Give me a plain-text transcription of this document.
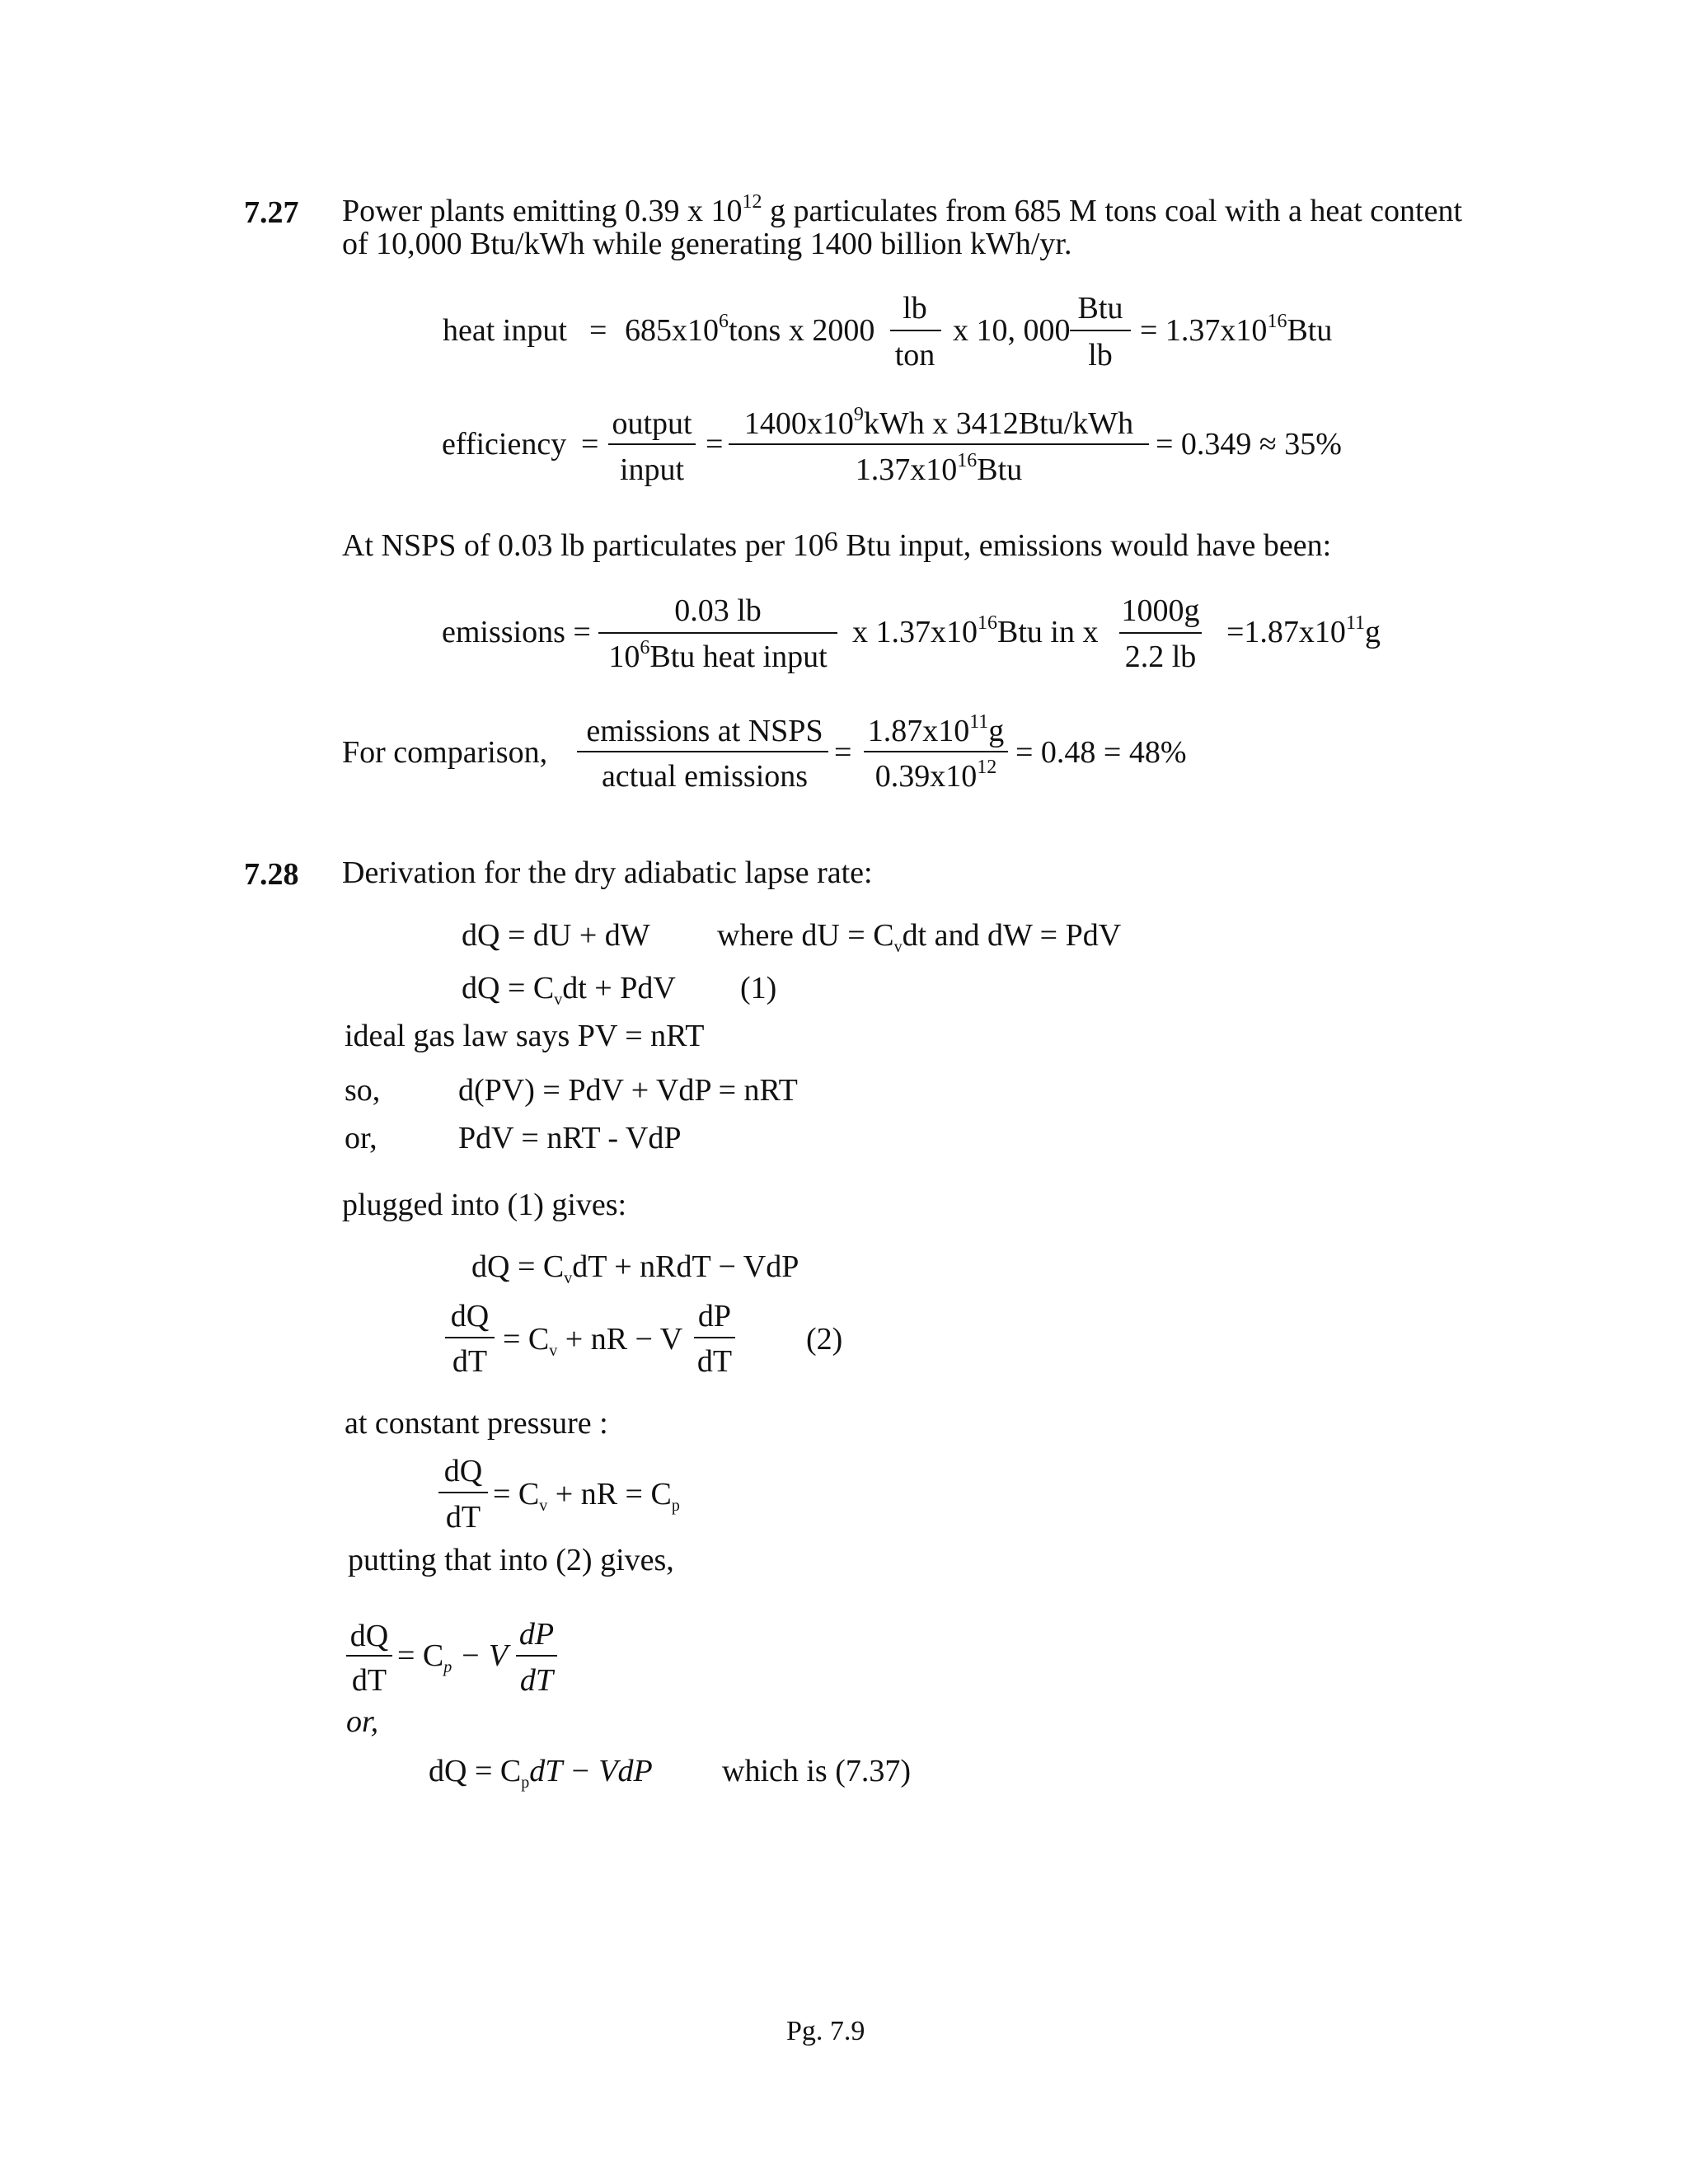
7.27 Power plants emitting 0.39 x $10^{12}$ g particulates from 685 M tons coal with a heat content
of 10,000 Btu/kWh while generating 1400 billion kWh/yr.
heat input = $685x10^6tons$ x 2000
lb
ton
x 10, 000
Btu
lb
= $1.37x10^{16}Btu$
efficiency =
output
input
=
$1400x10^9kWh$ x 3412Btu/kWh
$1.37x10^{16}Btu$
= 0.349 ≈ 35%
At NSPS of 0.03 lb particulates per 106 Btu input, emissions would have been:
emissions =
0.03 lb
$10^6Btu$ heat input
x $1.37x10^{16}Btu$ in x
1000g
2.2 lb
$=1.87x10^{11}g$
For comparison,
emissions at NSPS
actual emissions
=
$1.87x10^{11}g$
$0.39x10^{12} = 0.48 = 48\%$
7.28 Derivation for the dry adiabatic lapse rate:
dQ = dU + dW where dU = $C_vdt$ and dW = PdV
dQ = $C_vdt$ + PdV (1)
ideal gas law says PV = nRT
so, d(PV) = PdV + VdP = nRT
or,	PdV = nRT - VdP
plugged into (1) gives:
dQ = $C_vdT$ + nRdT − VdP
dQ
dT
= $C_v$ + nR − V
dP
dT
(2)
at constant pressure :
dQ
dT
= $C_v$ + nR = $C_p$
putting that into (2) gives,
dQ
dT
= $C_p - V$
dP
dT
or,
dQ = $C_pdT$ − VdP which is (7.37)
Pg. 7.9
